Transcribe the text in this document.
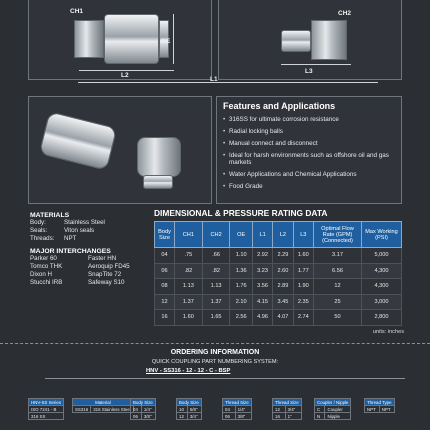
CH1
OE
L2
CH2
L3
L1
Features and Applications
• 316SS for ultimate corrosion resistance
• Radial locking balls
• Manual connect and disconnect
• Ideal for harsh environments such as offshore oil and gas markets
• Water Applications and Chemical Applications
• Food Grade
MATERIALS
Body:	Stainless Steel
Seals:	Viton seals
Threads:	NPT
MAJOR INTERCHANGES
Parker 60	Faster HN
Tomco THK	Aeroquip FD45
Dixon H	SnapTite 72
Stucchi IRB	Safeway S10
DIMENSIONAL & PRESSURE RATING DATA
Body Size	CH1	CH2	OE	L1	L2	L3	Optimal Flow Rate (GPM) (Connected)	Max Working (PSI)
04	.75	.66	1.10	2.92	2.29	1.60	3.17	5,000
06	.82	.82	1.36	3.23	2.60	1.77	6.56	4,300
08	1.13	1.13	1.76	3.56	2.89	1.90	12	4,300
12	1.37	1.37	2.10	4.15	3.45	2.35	25	3,000
16	1.60	1.65	2.56	4.96	4.07	2.74	50	2,800
units: inches
ORDERING INFORMATION
QUICK COUPLING PART NUMBERING SYSTEM:
HNV - SS316 - 12 - 12 - C - BSP
HNV-SS Series
ISO 7241 - B
316 SS
Material
SS316	316 Stainless Steel
Body Size	
04	1/4"
06	3/8"
Body Size	
10	5/8"
12	3/4"
Thread Size	
04	1/4"
06	3/8"
Thread Size	
12	3/4"
16	1"
Coupler / Nipple	
C	Coupler
N	Nipple
Thread Type
NPT	NPT
